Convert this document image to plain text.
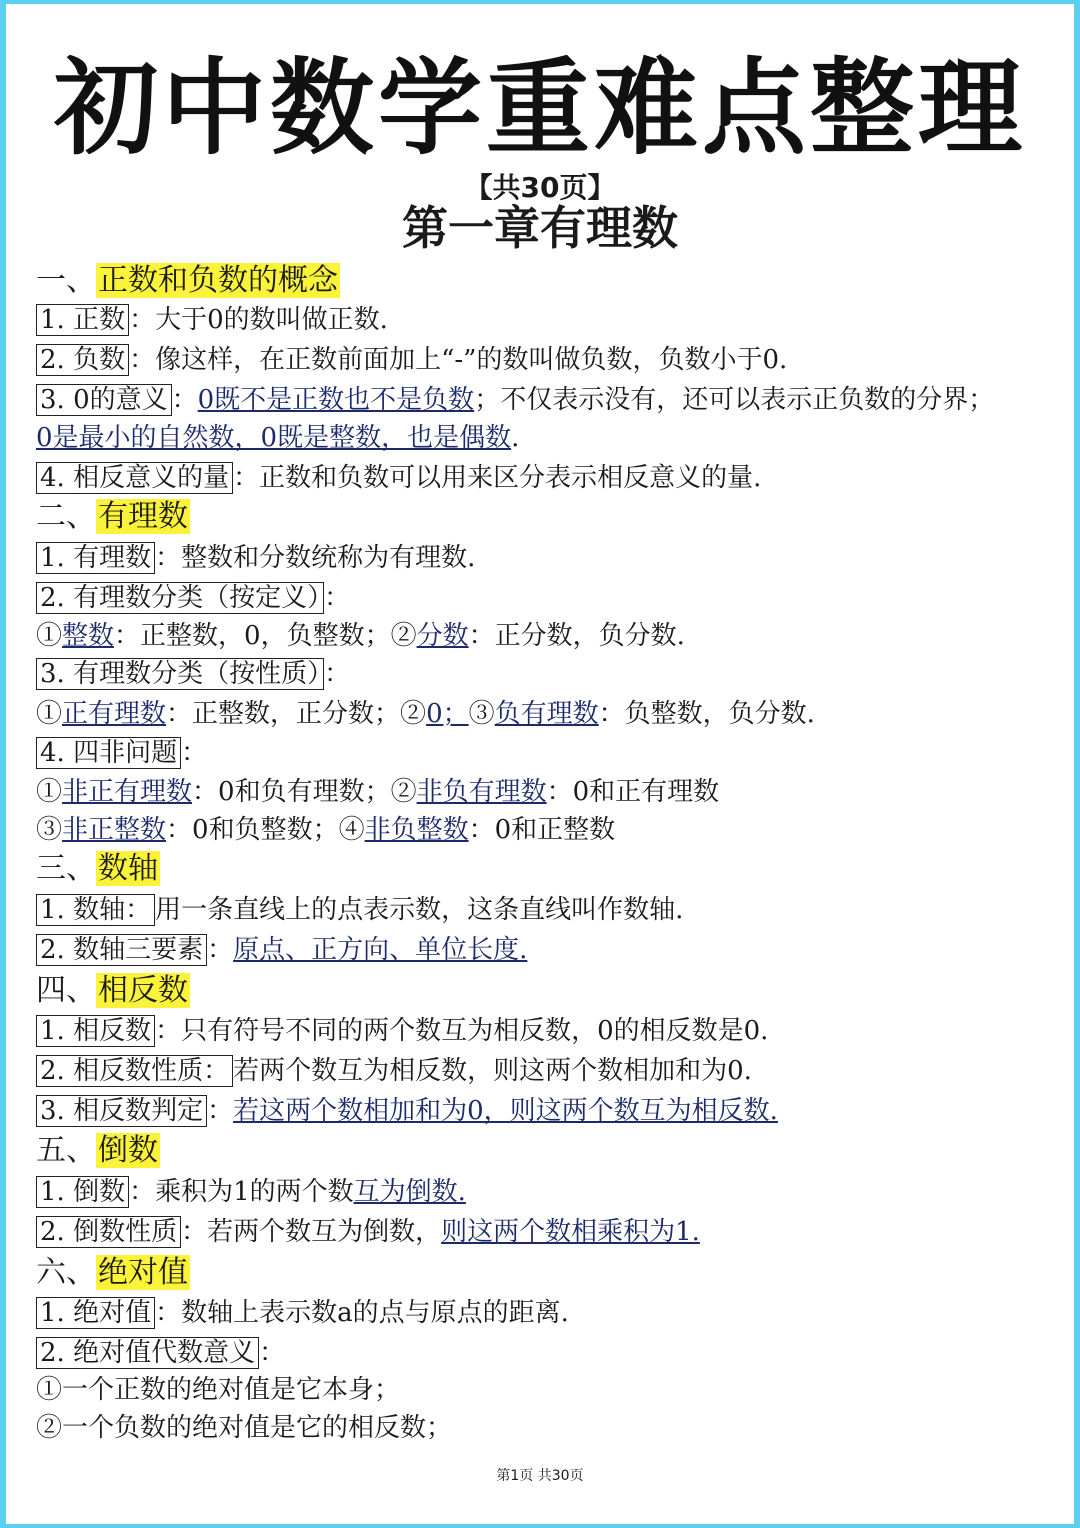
初中数学重难点整理
【共30页】
第一章有理数
一、正数和负数的概念
1. 正数 ：大于0的数叫做正数.
2. 负数 ：像这样，在正数前面加上“-”的数叫做负数，负数小于0.
3. 0的意义 ：0既不是正数也不是负数；不仅表示没有，还可以表示正负数的分界；
0是最小的自然数，0既是整数，也是偶数.
4. 相反意义的量 ：正数和负数可以用来区分表示相反意义的量.
二、有理数
1. 有理数 ：整数和分数统称为有理数.
2. 有理数分类（按定义） ：
①整数：正整数，0，负整数；②分数：正分数，负分数.
3. 有理数分类（按性质） ：
①正有理数：正整数，正分数；②0；③负有理数：负整数，负分数.
4. 四非问题 ：
①非正有理数：0和负有理数；②非负有理数：0和正有理数
③非正整数：0和负整数；④非负整数：0和正整数
三、数轴
1. 数轴： 用一条直线上的点表示数，这条直线叫作数轴.
2. 数轴三要素 ：原点、正方向、单位长度.
四、相反数
1. 相反数 ：只有符号不同的两个数互为相反数，0的相反数是0.
2. 相反数性质： 若两个数互为相反数，则这两个数相加和为0.
3. 相反数判定 ：若这两个数相加和为0，则这两个数互为相反数.
五、倒数
1. 倒数 ：乘积为1的两个数互为倒数.
2. 倒数性质 ：若两个数互为倒数，则这两个数相乘积为1.
六、绝对值
1. 绝对值 ：数轴上表示数a的点与原点的距离.
2. 绝对值代数意义 ：
①一个正数的绝对值是它本身；
②一个负数的绝对值是它的相反数；
第1页 共30页
